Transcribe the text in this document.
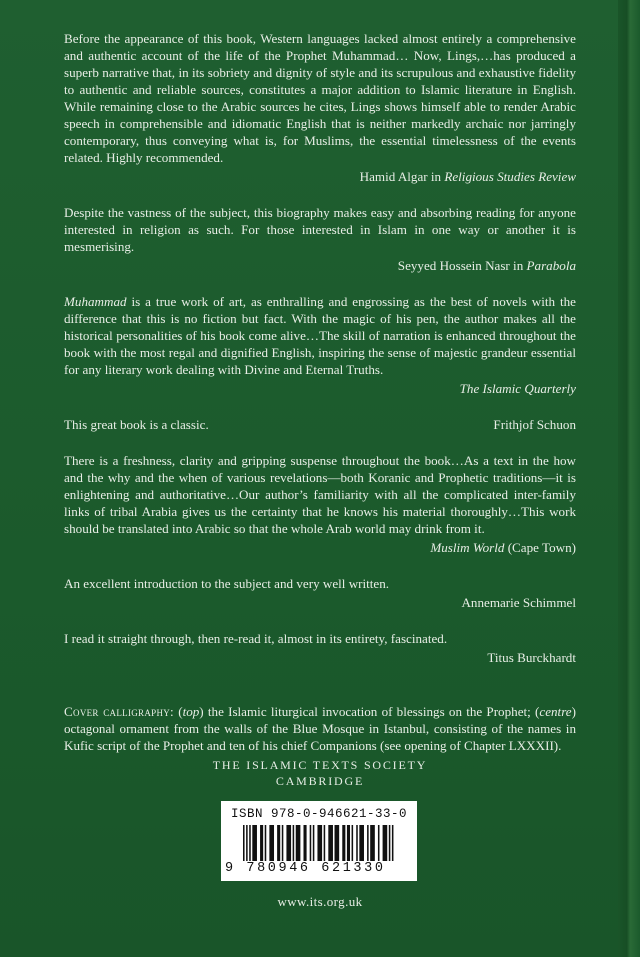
Before the appearance of this book, Western languages lacked almost entirely a comprehensive and authentic account of the life of the Prophet Muhammad… Now, Lings,…has produced a superb narrative that, in its sobriety and dignity of style and its scrupulous and exhaustive fidelity to authentic and reliable sources, constitutes a major addition to Islamic literature in English. While remaining close to the Arabic sources he cites, Lings shows himself able to render Arabic speech in comprehensible and idiomatic English that is neither markedly archaic nor jarringly contemporary, thus conveying what is, for Muslims, the essential timelessness of the events related. Highly recommended.

Hamid Algar in Religious Studies Review

Despite the vastness of the subject, this biography makes easy and absorbing reading for anyone interested in religion as such. For those interested in Islam in one way or another it is mesmerising.

Seyyed Hossein Nasr in Parabola

Muhammad is a true work of art, as enthralling and engrossing as the best of novels with the difference that this is no fiction but fact. With the magic of his pen, the author makes all the historical personalities of his book come alive…The skill of narration is enhanced throughout the book with the most regal and dignified English, inspiring the sense of majestic grandeur essential for any literary work dealing with Divine and Eternal Truths.

The Islamic Quarterly
This great book is a classic.	Frithjof Schuon

There is a freshness, clarity and gripping suspense throughout the book…As a text in the how and the why and the when of various revelations—both Koranic and Prophetic traditions—it is enlightening and authoritative…Our author’s familiarity with all the complicated inter-family links of tribal Arabia gives us the certainty that he knows his material thoroughly…This work should be translated into Arabic so that the whole Arab world may drink from it.

Muslim World (Cape Town)

An excellent introduction to the subject and very well written.

Annemarie Schimmel

I read it straight through, then re-read it, almost in its entirety, fascinated.

Titus Burckhardt

Cover calligraphy: (top) the Islamic liturgical invocation of blessings on the Prophet; (centre) octagonal ornament from the walls of the Blue Mosque in Istanbul, consisting of the names in Kufic script of the Prophet and ten of his chief Companions (see opening of Chapter LXXXII).

THE ISLAMIC TEXTS SOCIETY
CAMBRIDGE
ISBN 978-0-946621-33-0
9 780946 621330
www.its.org.uk
